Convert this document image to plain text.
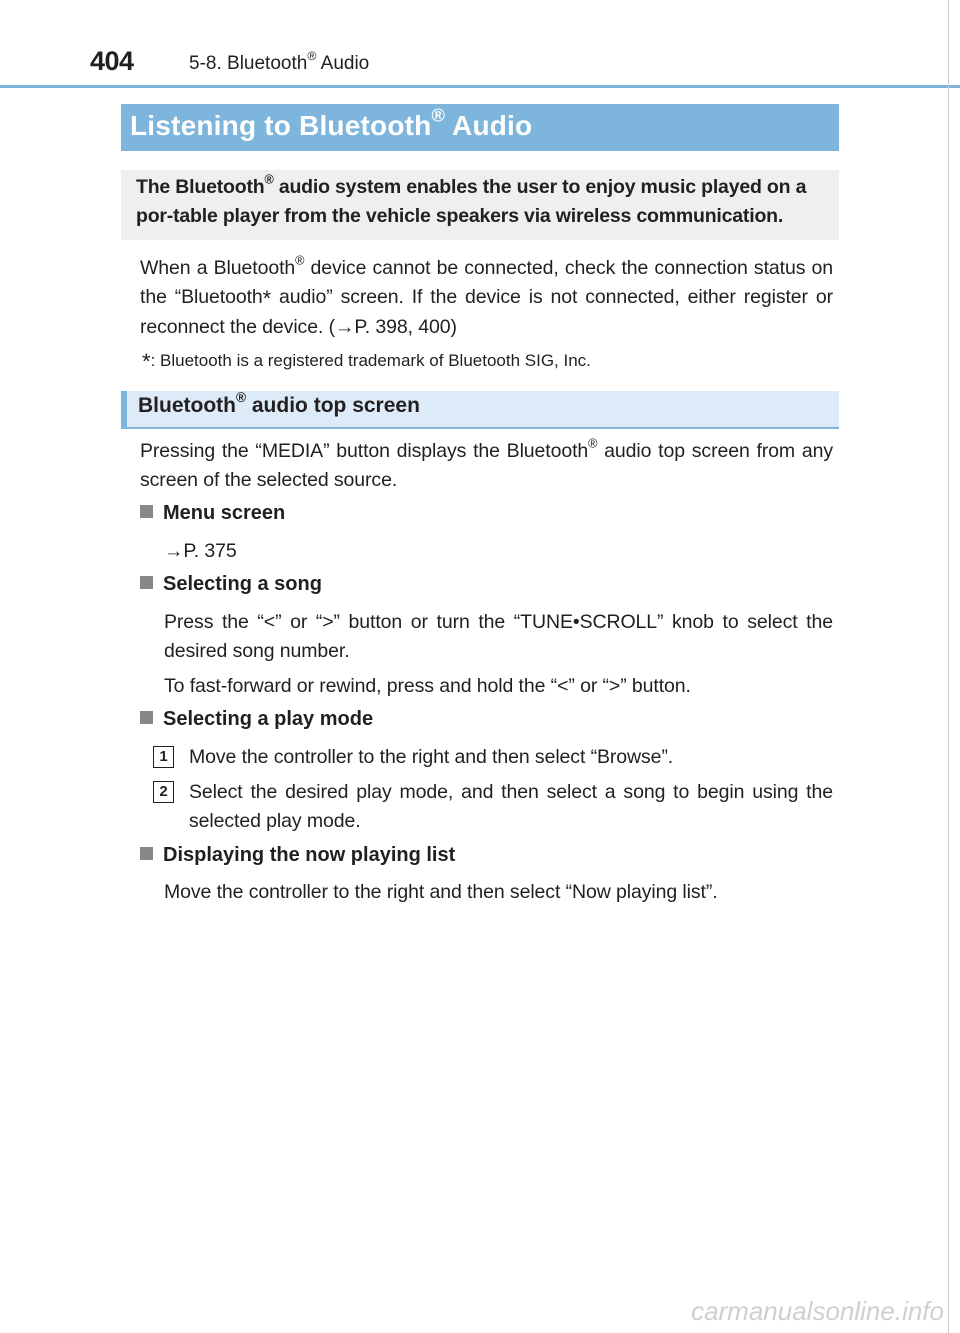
404	5-8. Bluetooth® Audio
Listening to Bluetooth® Audio
The Bluetooth® audio system enables the user to enjoy music played on a por-table player from the vehicle speakers via wireless communication.
When a Bluetooth® device cannot be connected, check the connection status on the “Bluetooth* audio” screen. If the device is not connected, either register or reconnect the device. (→P. 398, 400)
*: Bluetooth is a registered trademark of Bluetooth SIG, Inc.
Bluetooth® audio top screen
Pressing the “MEDIA” button displays the Bluetooth® audio top screen from any screen of the selected source.
Menu screen
→P. 375
Selecting a song
Press the “<” or “>” button or turn the “TUNE•SCROLL” knob to select the desired song number.
To fast-forward or rewind, press and hold the “<” or “>” button.
Selecting a play mode
1	Move the controller to the right and then select “Browse”.
2	Select the desired play mode, and then select a song to begin using the selected play mode.
Displaying the now playing list
Move the controller to the right and then select “Now playing list”.
carmanualsonline.info
